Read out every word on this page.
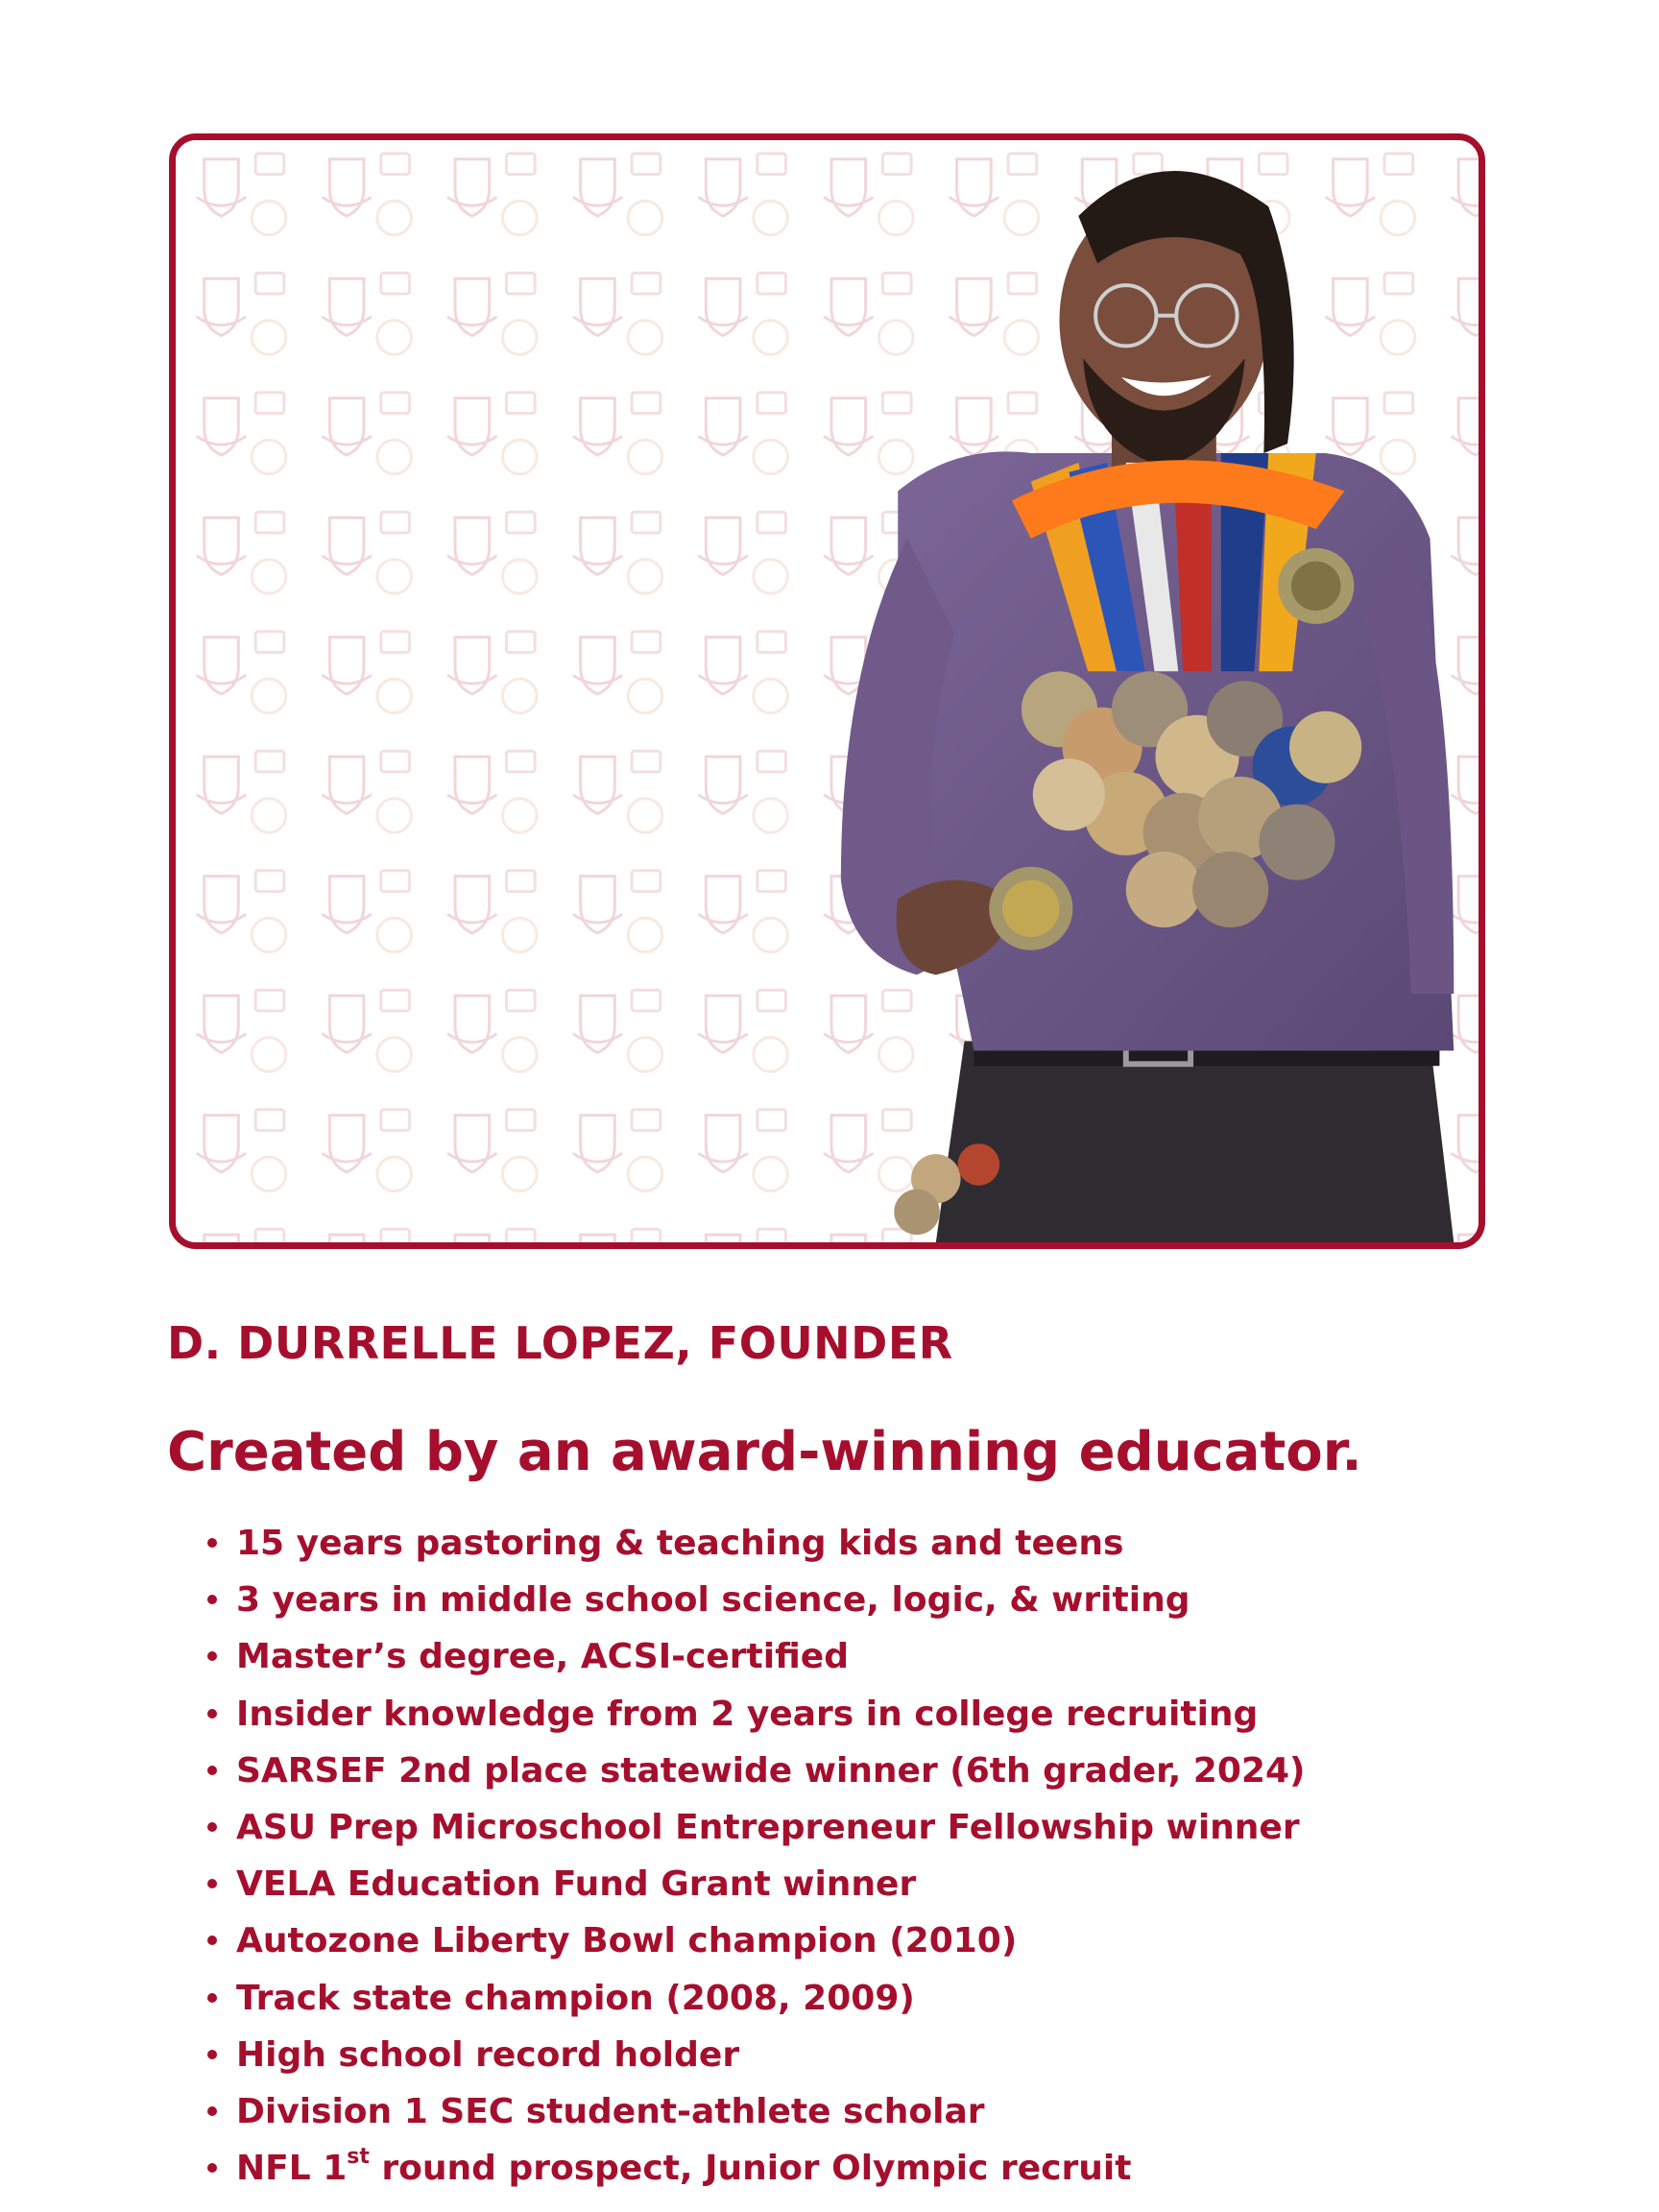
D. DURRELLE LOPEZ, FOUNDER
Created by an award-winning educator.
15 years pastoring & teaching kids and teens
3 years in middle school science, logic, & writing
Master’s degree, ACSI-certified
Insider knowledge from 2 years in college recruiting
SARSEF 2nd place statewide winner (6th grader, 2024)
ASU Prep Microschool Entrepreneur Fellowship winner
VELA Education Fund Grant winner
Autozone Liberty Bowl champion (2010)
Track state champion (2008, 2009)
High school record holder
Division 1 SEC student-athlete scholar
NFL 1st round prospect, Junior Olympic recruit
